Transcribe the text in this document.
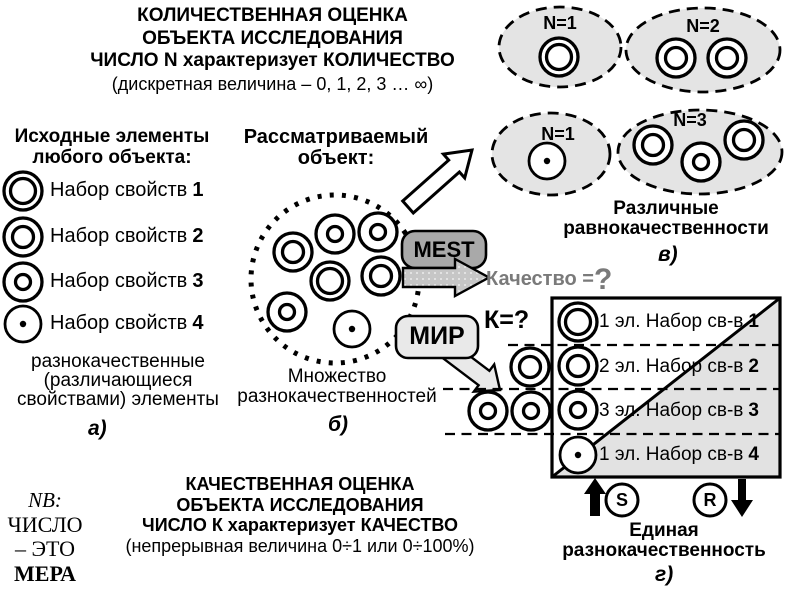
КОЛИЧЕСТВЕННАЯ ОЦЕНКА
ОБЪЕКТА ИССЛЕДОВАНИЯ
ЧИСЛО N характеризует КОЛИЧЕСТВО
(дискретная величина – 0, 1, 2, 3 … ∞)
N=1	N=2
N=1
N=3
Различные
равнокачественности
в)
Исходные элементы
любого объекта:
Набор свойств 1
Набор свойств 2
Набор свойств 3
Набор свойств 4
разнокачественные
(различающиеся
свойствами) элементы
а)
Рассматриваемый
объект:
Множество
разнокачественностей
б)
MEST
Качество =?
МИР
К=?	1 эл. Набор св-в 1
2 эл. Набор св-в 2
3 эл. Набор св-в 3
1 эл. Набор св-в 4
S	R
Единая
разнокачественность
г)
КАЧЕСТВЕННАЯ ОЦЕНКА
ОБЪЕКТА ИССЛЕДОВАНИЯ
ЧИСЛО К характеризует КАЧЕСТВО
(непрерывная величина 0÷1 или 0÷100%)
NB:
ЧИСЛО
– ЭТО
МЕРА
